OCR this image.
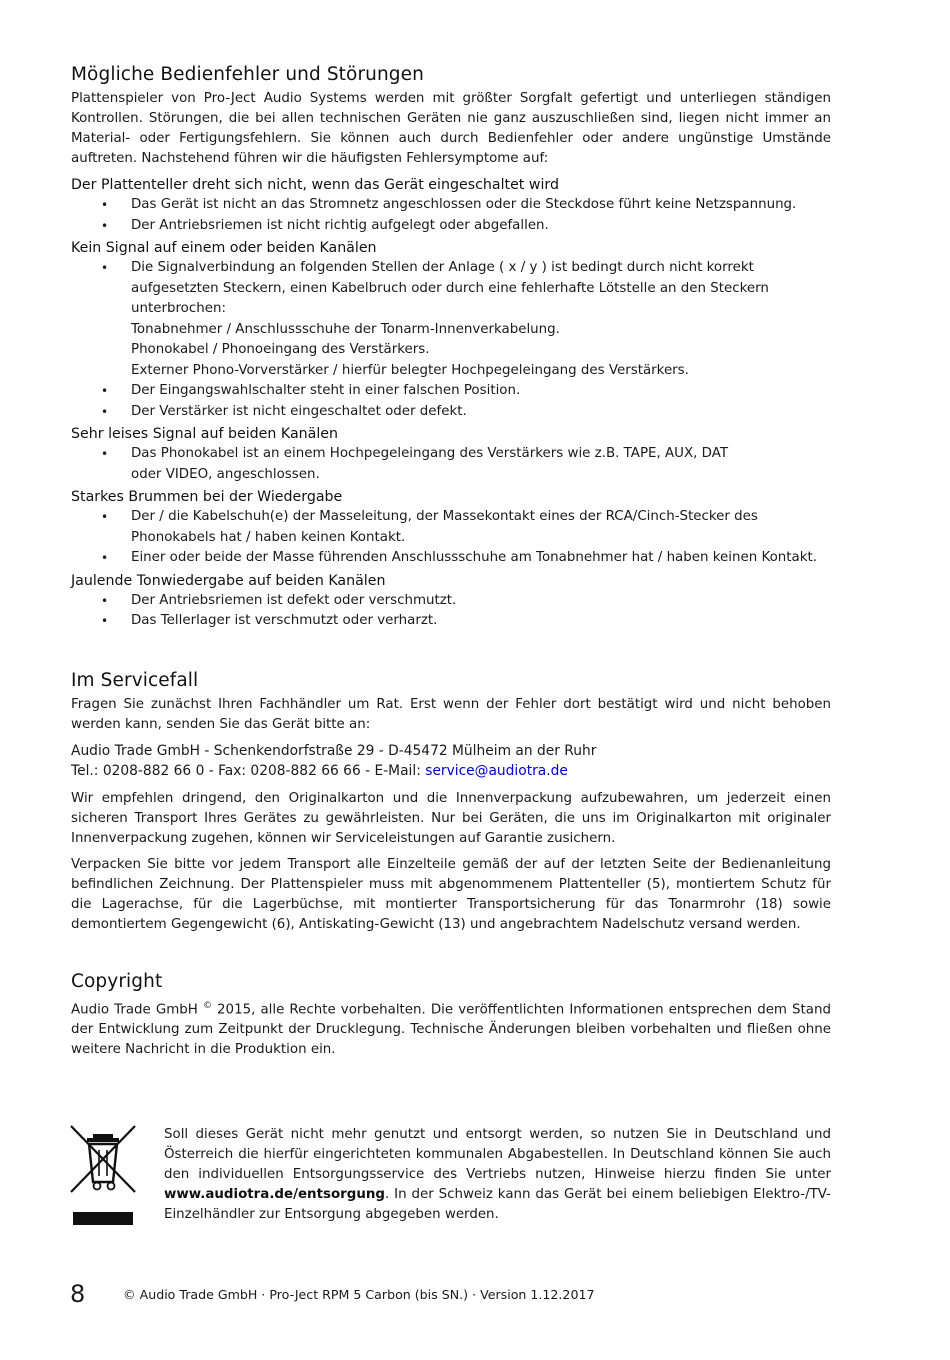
Mögliche Bedienfehler und Störungen

Plattenspieler von Pro-Ject Audio Systems werden mit größter Sorgfalt gefertigt und unterliegen ständigen Kontrollen. Störungen, die bei allen technischen Geräten nie ganz auszuschließen sind, liegen nicht immer an Material- oder Fertigungsfehlern. Sie können auch durch Bedienfehler oder andere ungünstige Umstände auftreten. Nachstehend führen wir die häufigsten Fehlersymptome auf:

Der Plattenteller dreht sich nicht, wenn das Gerät eingeschaltet wird
• Das Gerät ist nicht an das Stromnetz angeschlossen oder die Steckdose führt keine Netzspannung.
• Der Antriebsriemen ist nicht richtig aufgelegt oder abgefallen.
Kein Signal auf einem oder beiden Kanälen
• Die Signalverbindung an folgenden Stellen der Anlage ( x / y ) ist bedingt durch nicht korrekt aufgesetzten Steckern, einen Kabelbruch oder durch eine fehlerhafte Lötstelle an den Steckern unterbrochen:
Tonabnehmer / Anschlussschuhe der Tonarm-Innenverkabelung.
Phonokabel / Phonoeingang des Verstärkers.
Externer Phono-Vorverstärker / hierfür belegter Hochpegeleingang des Verstärkers.
• Der Eingangswahlschalter steht in einer falschen Position.
• Der Verstärker ist nicht eingeschaltet oder defekt.
Sehr leises Signal auf beiden Kanälen
• Das Phonokabel ist an einem Hochpegeleingang des Verstärkers wie z.B. TAPE, AUX, DAT
oder VIDEO, angeschlossen.
Starkes Brummen bei der Wiedergabe
• Der / die Kabelschuh(e) der Masseleitung, der Massekontakt eines der RCA/Cinch-Stecker des
Phonokabels hat / haben keinen Kontakt.
• Einer oder beide der Masse führenden Anschlussschuhe am Tonabnehmer hat / haben keinen Kontakt.
Jaulende Tonwiedergabe auf beiden Kanälen
• Der Antriebsriemen ist defekt oder verschmutzt.
• Das Tellerlager ist verschmutzt oder verharzt.
Im Servicefall

Fragen Sie zunächst Ihren Fachhändler um Rat. Erst wenn der Fehler dort bestätigt wird und nicht behoben werden kann, senden Sie das Gerät bitte an:

Audio Trade GmbH - Schenkendorfstraße 29 - D-45472 Mülheim an der Ruhr
Tel.: 0208-882 66 0 - Fax: 0208-882 66 66 - E-Mail: service@audiotra.de

Wir empfehlen dringend, den Originalkarton und die Innenverpackung aufzubewahren, um jederzeit einen sicheren Transport Ihres Gerätes zu gewährleisten. Nur bei Geräten, die uns im Originalkarton mit originaler Innenverpackung zugehen, können wir Serviceleistungen auf Garantie zusichern.

Verpacken Sie bitte vor jedem Transport alle Einzelteile gemäß der auf der letzten Seite der Bedienanleitung befindlichen Zeichnung. Der Plattenspieler muss mit abgenommenem Plattenteller (5), montiertem Schutz für die Lagerachse, für die Lagerbüchse, mit montierter Transportsicherung für das Tonarmrohr (18) sowie demontiertem Gegengewicht (6), Antiskating-Gewicht (13) und angebrachtem Nadelschutz versand werden.

Copyright

Audio Trade GmbH © 2015, alle Rechte vorbehalten. Die veröffentlichten Informationen entsprechen dem Stand der Entwicklung zum Zeitpunkt der Drucklegung. Technische Änderungen bleiben vorbehalten und fließen ohne weitere Nachricht in die Produktion ein.

Soll dieses Gerät nicht mehr genutzt und entsorgt werden, so nutzen Sie in Deutschland und Österreich die hierfür eingerichteten kommunalen Abgabestellen. In Deutschland können Sie auch den individuellen Entsorgungsservice des Vertriebs nutzen, Hinweise hierzu finden Sie unter www.audiotra.de/entsorgung. In der Schweiz kann das Gerät bei einem beliebigen Elektro-/TV-Einzelhändler zur Entsorgung abgegeben werden.

8	© Audio Trade GmbH · Pro-Ject RPM 5 Carbon (bis SN.) · Version 1.12.2017
